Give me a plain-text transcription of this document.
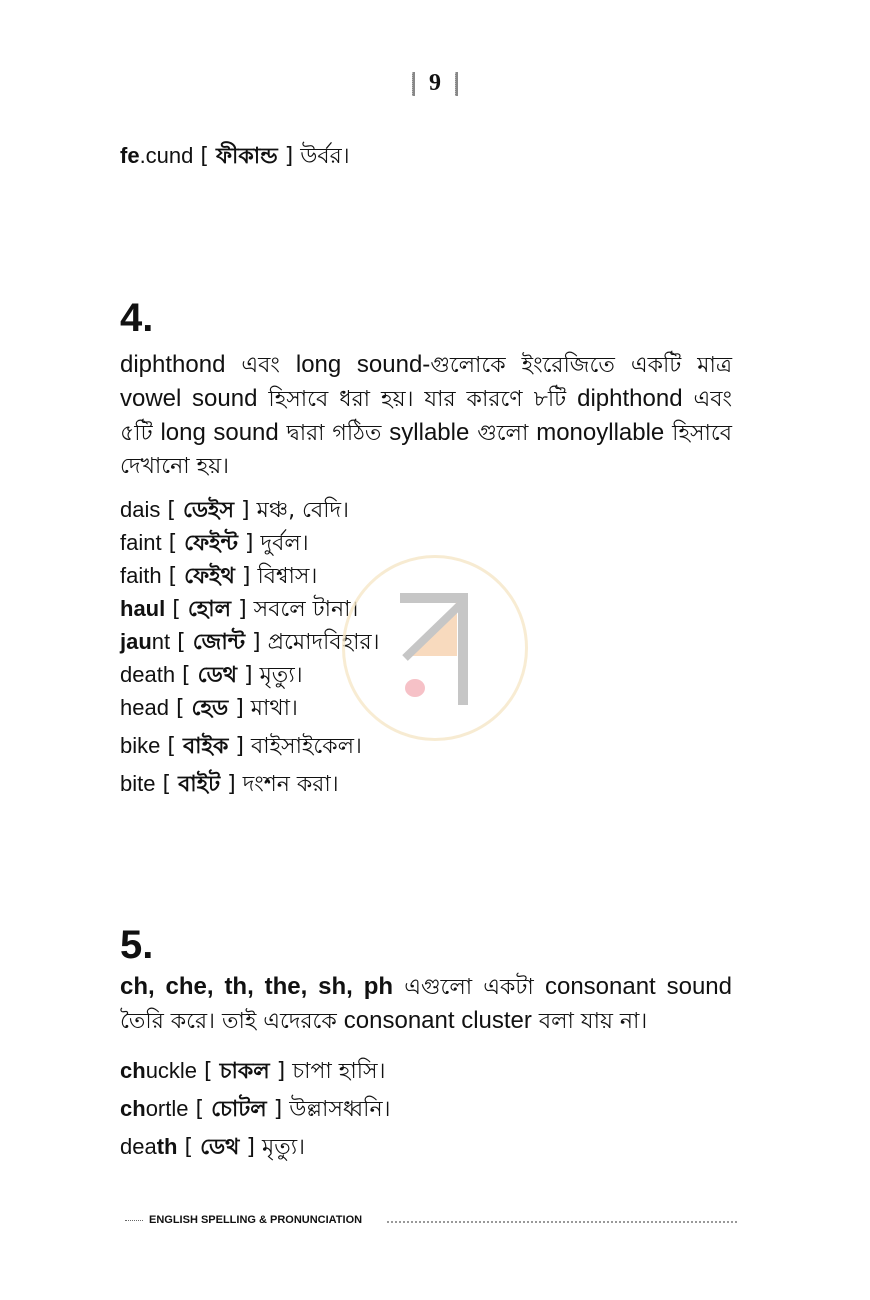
9
fe.cund [ ফীকান্ড ] উর্বর।
4.
diphthond এবং long sound-গুলোকে ইংরেজিতে একটি মাত্র vowel sound হিসাবে ধরা হয়। যার কারণে ৮টি diphthond এবং ৫টি long sound দ্বারা গঠিত syllable গুলো monoyllable হিসাবে দেখানো হয়।
dais [ ডেইস ] মঞ্চ, বেদি।
faint [ ফেইন্ট ] দুর্বল।
faith [ ফেইথ ] বিশ্বাস।
haul [ হোল ] সবলে টানা।
jaunt [ জোন্ট ] প্রমোদবিহার।
death [ ডেথ ] মৃত্যু।
head [ হেড ] মাথা।
bike [ বাইক ] বাইসাইকেল।
bite [ বাইট ] দংশন করা।
5.
ch, che, th, the, sh, ph এগুলো একটা consonant sound তৈরি করে। তাই এদেরকে consonant cluster বলা যায় না।
chuckle [ চাকল ] চাপা হাসি।
chortle [ চোটল ] উল্লাসধ্বনি।
death [ ডেথ ] মৃত্যু।
ENGLISH SPELLING & PRONUNCIATION
